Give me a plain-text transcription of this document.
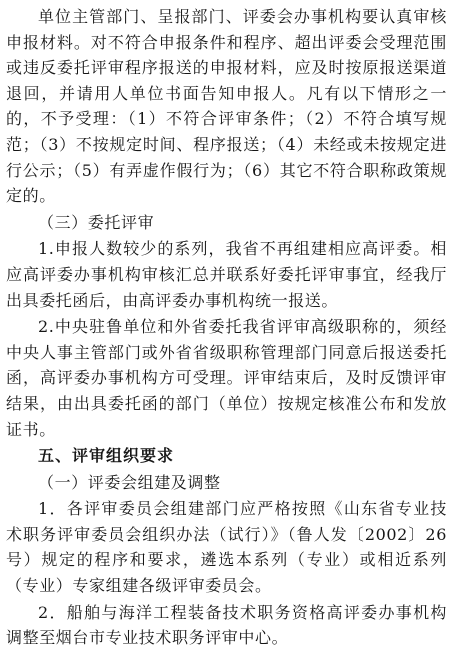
单位主管部门、呈报部门、评委会办事机构要认真审核申报材料。对不符合申报条件和程序、超出评委会受理范围或违反委托评审程序报送的申报材料，应及时按原报送渠道退回，并请用人单位书面告知申报人。凡有以下情形之一的，不予受理：（1）不符合评审条件；（2）不符合填写规范；（3）不按规定时间、程序报送；（4）未经或未按规定进行公示；（5）有弄虚作假行为；（6）其它不符合职称政策规定的。

（三）委托评审

1.申报人数较少的系列，我省不再组建相应高评委。相应高评委办事机构审核汇总并联系好委托评审事宜，经我厅出具委托函后，由高评委办事机构统一报送。

2.中央驻鲁单位和外省委托我省评审高级职称的，须经中央人事主管部门或外省省级职称管理部门同意后报送委托函，高评委办事机构方可受理。评审结束后，及时反馈评审结果，由出具委托函的部门（单位）按规定核准公布和发放证书。

五、评审组织要求

（一）评委会组建及调整

1．各评审委员会组建部门应严格按照《山东省专业技术职务评审委员会组织办法（试行）》（鲁人发〔2002〕26 号）规定的程序和要求，遴选本系列（专业）或相近系列（专业）专家组建各级评审委员会。

2．船舶与海洋工程装备技术职务资格高评委办事机构调整至烟台市专业技术职务评审中心。
